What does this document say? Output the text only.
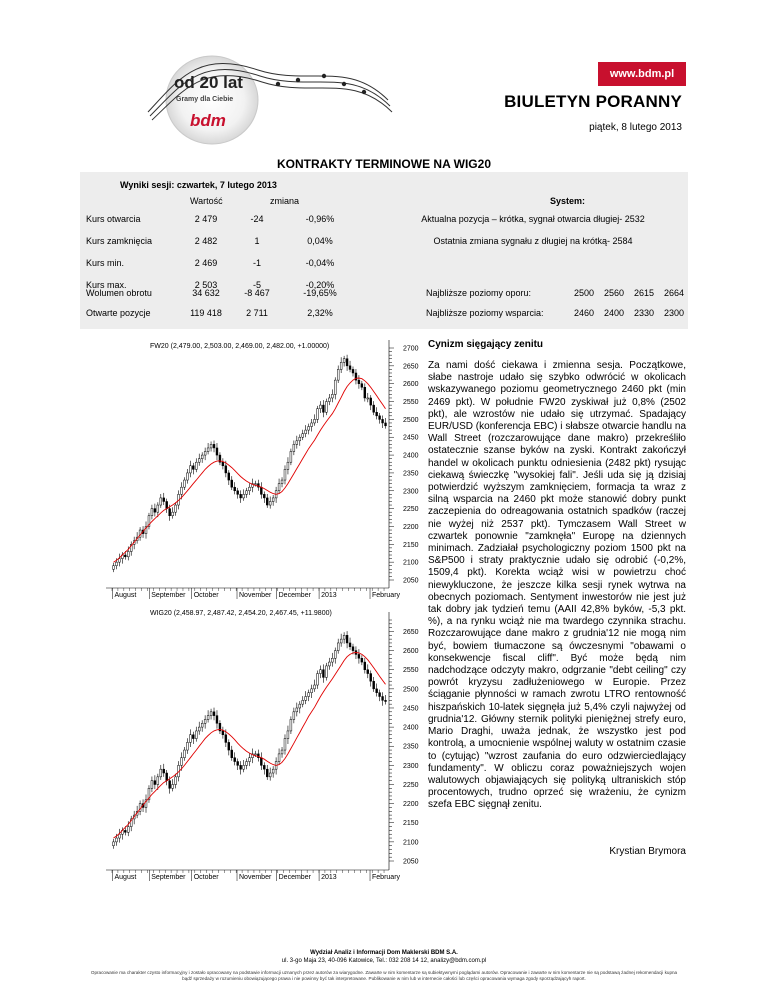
od 20 lat
Gramy dla Ciebie
bdm
www.bdm.pl
BIULETYN PORANNY
piątek, 8 lutego 2013
KONTRAKTY TERMINOWE NA WIG20
Wyniki sesji: czwartek, 7 lutego 2013
Wartość	zmiana	System:
Kurs otwarcia	2 479	-24	-0,96%	Aktualna pozycja – krótka, sygnał otwarcia długiej- 2532
Kurs zamknięcia	2 482	1	0,04%	Ostatnia zmiana sygnału z długiej na krótką- 2584
Kurs min.	2 469	-1	-0,04%
Kurs max.	2 503	-5	-0,20%
Wolumen obrotu	34 632	-8 467	-19,65%	Najbliższe poziomy oporu:	2500	2560	2615	2664
Otwarte pozycje	119 418	2 711	2,32%	Najbliższe poziomy wsparcia:	2460	2400	2330	2300
FW20 (2,479.00, 2,503.00, 2,469.00, 2,482.00, +1.00000)	2700
2650
2600
2550
2500
2450
2400
2350
2300
2250
2200
2150
2100
2050
August September October	November December 2013	February
WIG20 (2,458.97, 2,487.42, 2,454.20, 2,467.45, +11.9800)
2650
2600
2550
2500
2450
2400
2350
2300
2250
2200
2150
2100
2050
August September October	November December 2013	February
Cynizm sięgający zenitu
Za nami dość ciekawa i zmienna sesja. Początkowe, słabe nastroje udało się szybko odwrócić w okolicach wskazywanego poziomu geometrycznego 2460 pkt (min 2469 pkt). W południe FW20 zyskiwał już 0,8% (2502 pkt), ale wzrostów nie udało się utrzymać. Spadający EUR/USD (konferencja EBC) i słabsze otwarcie handlu na Wall Street (rozczarowujące dane makro) przekreśliło ostatecznie szanse byków na zyski. Kontrakt zakończył handel w okolicach punktu odniesienia (2482 pkt) rysując ciekawą świeczkę "wysokiej fali". Jeśli uda się ją dzisiaj potwierdzić wyższym zamknięciem, formacja ta wraz z silną wsparcia na 2460 pkt może stanowić dobry punkt zaczepienia do odreagowania ostatnich spadków (raczej nie wyżej niż 2537 pkt). Tymczasem Wall Street w czwartek ponownie "zamknęła" Europę na dziennych minimach. Zadziałał psychologiczny poziom 1500 pkt na S&P500 i straty praktycznie udało się odrobić (-0,2%, 1509,4 pkt). Korekta wciąż wisi w powietrzu choć niewykluczone, że jeszcze kilka sesji rynek wytrwa na obecnych poziomach. Sentyment inwestorów nie jest już tak dobry jak tydzień temu (AAII 42,8% byków, -5,3 pkt. %), a na rynku wciąż nie ma twardego czynnika strachu. Rozczarowujące dane makro z grudnia'12 nie mogą nim być, bowiem tłumaczone są ówczesnymi "obawami o konsekwencje fiscal cliff". Być może będą nim nadchodzące odczyty makro, odgrzanie "debt ceiling" czy powrót kryzysu zadłużeniowego w Europie. Przez ściąganie płynności w ramach zwrotu LTRO rentowność hiszpańskich 10-latek sięgnęła już 5,4% czyli najwyżej od grudnia'12. Główny sternik polityki pieniężnej strefy euro, Mario Draghi, uważa jednak, że wszystko jest pod kontrolą, a umocnienie wspólnej waluty w ostatnim czasie to (cytując) "wzrost zaufania do euro odzwierciedlający fundamenty". W obliczu coraz poważniejszych wojen walutowych objawiających się polityką ultraniskich stóp procentowych, trudno oprzeć się wrażeniu, że cynizm szefa EBC sięgnął zenitu.
Krystian Brymora
Wydział Analiz i Informacji Dom Maklerski BDM S.A.
ul. 3-go Maja 23, 40-096 Katowice, Tel.: 032 208 14 12, analizy@bdm.com.pl
Opracowanie ma charakter czysto informacyjny i zostało opracowany na podstawie informacji uznanych przez autorów za wiarygodne. Zawarte w nim komentarze są subiektywnymi poglądami autorów. Opracowanie i zawarte w nim komentarze nie są podstawą żadnej rekomendacji kupna bądź sprzedaży w rozumieniu obowiązującego prawa i nie powinny być tak interpretowane. Publikowanie w nim lub w internecie całości lub części opracowania wymaga zgody sporządzającyh raport.
